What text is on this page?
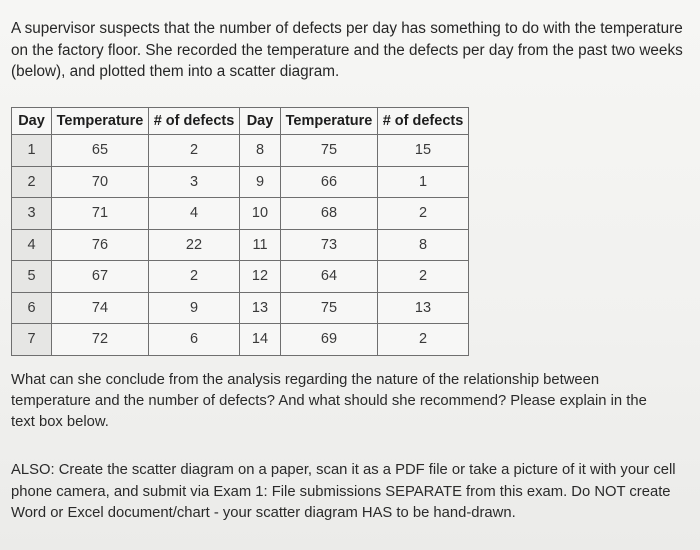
A supervisor suspects that the number of defects per day has something to do with the temperature on the factory floor. She recorded the temperature and the defects per day from the past two weeks (below), and plotted them into a scatter diagram.
Day	Temperature	# of defects	Day	Temperature	# of defects
1	65	2	8	75	15
2	70	3	9	66	1
3	71	4	10	68	2
4	76	22	11	73	8
5	67	2	12	64	2
6	74	9	13	75	13
7	72	6	14	69	2
What can she conclude from the analysis regarding the nature of the relationship between temperature and the number of defects? And what should she recommend? Please explain in the text box below.
ALSO: Create the scatter diagram on a paper, scan it as a PDF file or take a picture of it with your cell phone camera, and submit via Exam 1: File submissions SEPARATE from this exam. Do NOT create Word or Excel document/chart - your scatter diagram HAS to be hand-drawn.
